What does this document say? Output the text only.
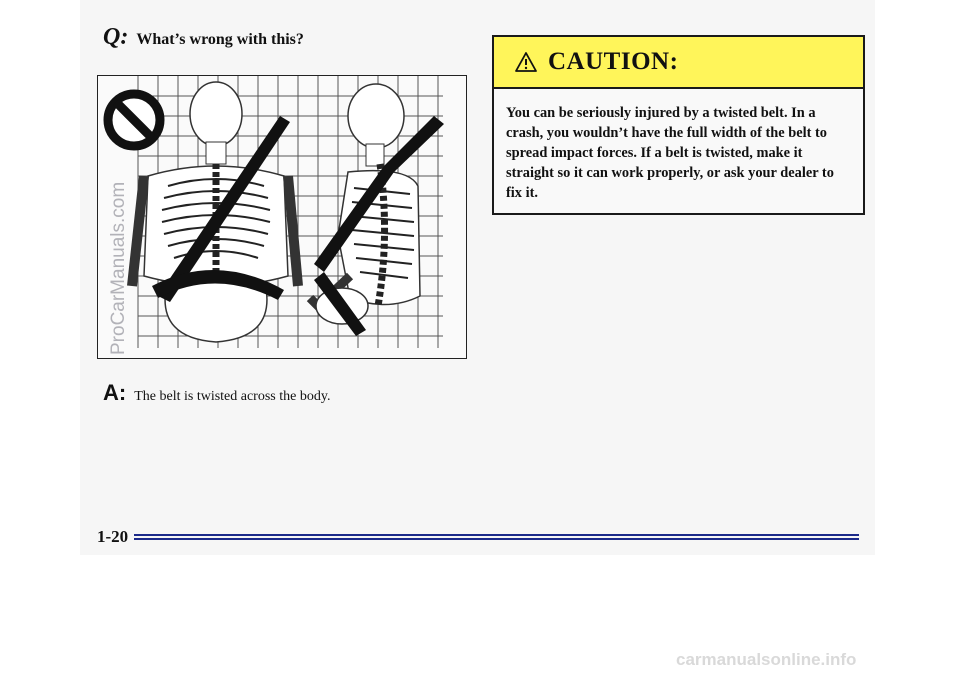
Q: What’s wrong with this?
A: The belt is twisted across the body.
CAUTION:
You can be seriously injured by a twisted belt. In a crash, you wouldn’t have the full width of the belt to spread impact forces. If a belt is twisted, make it straight so it can work properly, or ask your dealer to fix it.
1-20
ProCarManuals.com
carmanualsonline.info
